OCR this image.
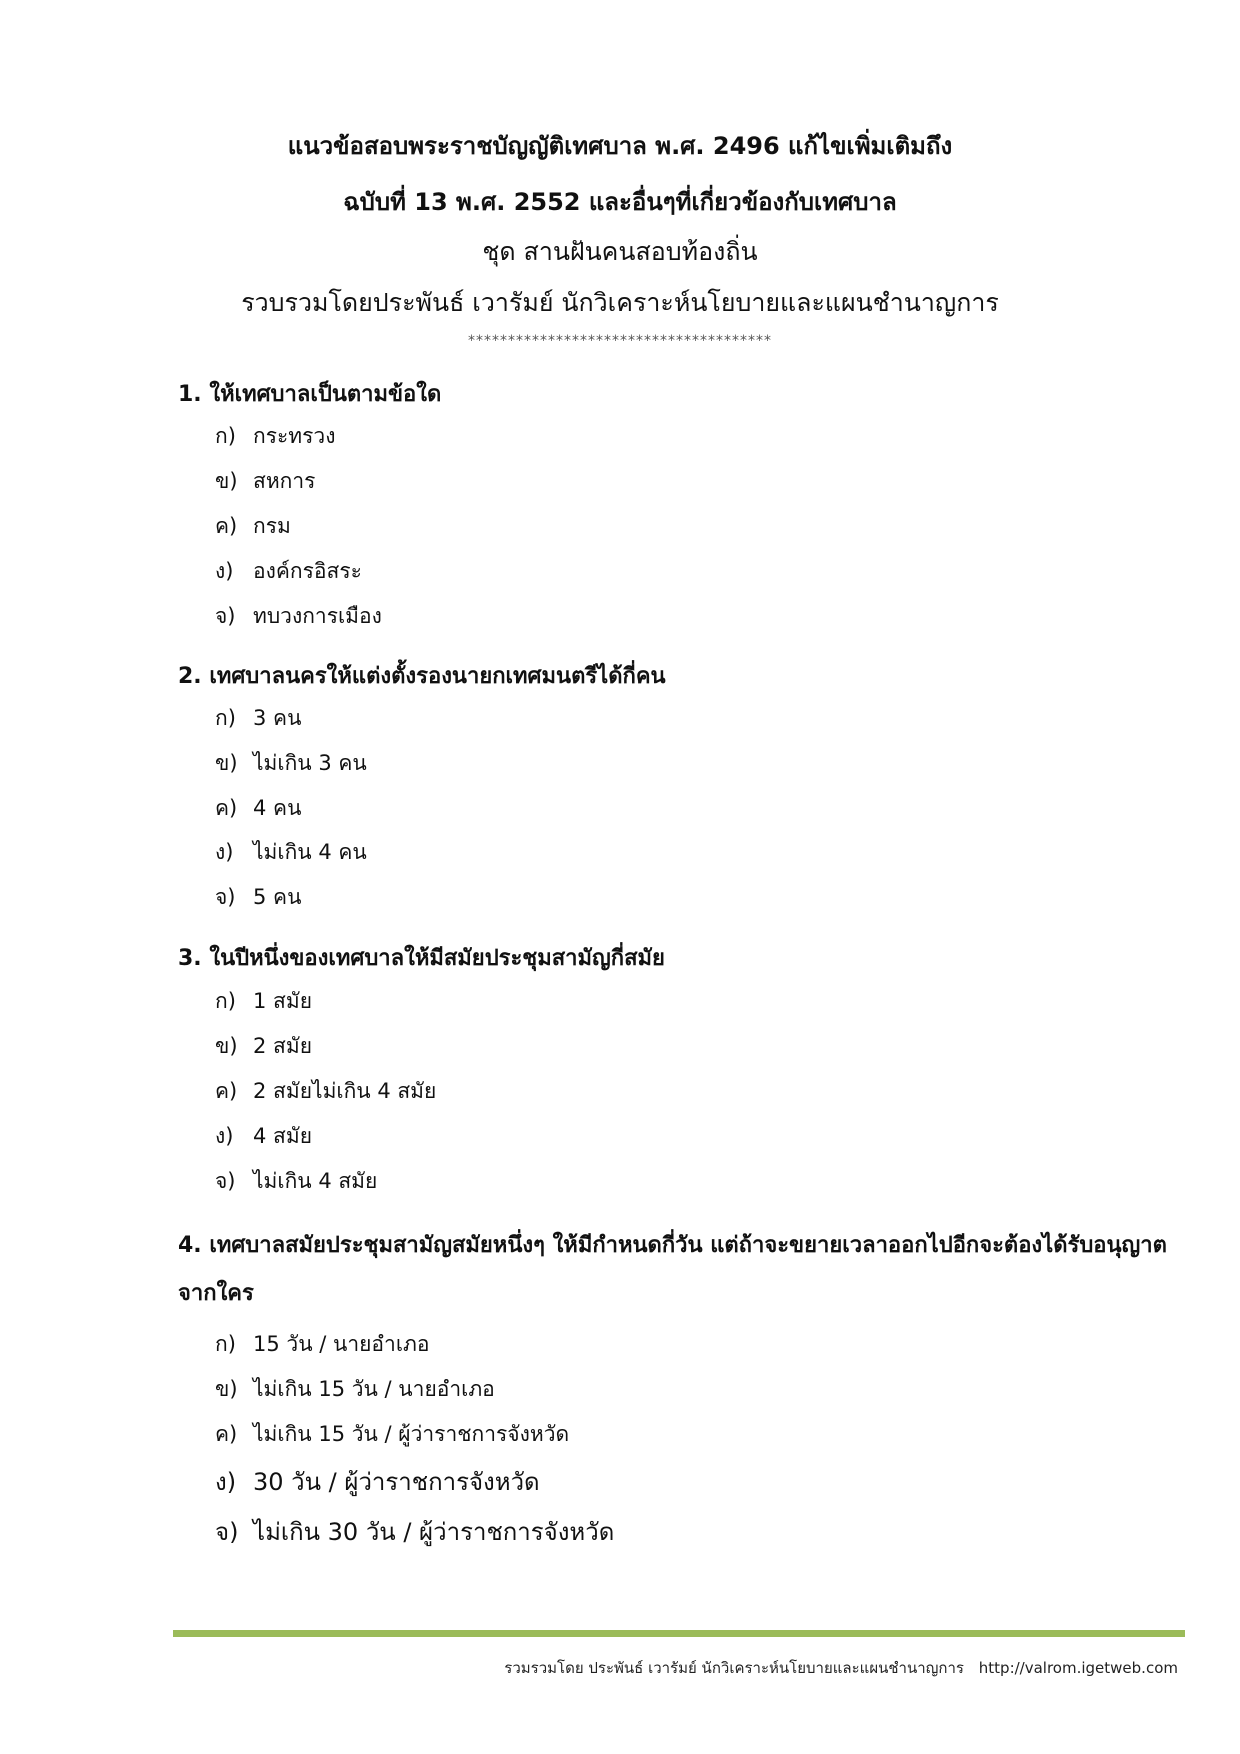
แนวข้อสอบพระราชบัญญัติเทศบาล พ.ศ. 2496 แก้ไขเพิ่มเติมถึง
ฉบับที่ 13 พ.ศ. 2552 และอื่นๆที่เกี่ยวข้องกับเทศบาล
ชุด สานฝันคนสอบท้องถิ่น
รวบรวมโดยประพันธ์ เวารัมย์ นักวิเคราะห์นโยบายและแผนชำนาญการ
**************************************
1. ให้เทศบาลเป็นตามข้อใด
ก) กระทรวง
ข) สหการ
ค) กรม
ง) องค์กรอิสระ
จ) ทบวงการเมือง
2. เทศบาลนครให้แต่งตั้งรองนายกเทศมนตรีได้กี่คน
ก) 3 คน
ข) ไม่เกิน 3 คน
ค) 4 คน
ง) ไม่เกิน 4 คน
จ) 5 คน
3. ในปีหนึ่งของเทศบาลให้มีสมัยประชุมสามัญกี่สมัย
ก) 1 สมัย
ข) 2 สมัย
ค) 2 สมัยไม่เกิน 4 สมัย
ง) 4 สมัย
จ) ไม่เกิน 4 สมัย
4. เทศบาลสมัยประชุมสามัญสมัยหนึ่งๆ ให้มีกำหนดกี่วัน แต่ถ้าจะขยายเวลาออกไปอีกจะต้องได้รับอนุญาตจากใคร
ก) 15 วัน / นายอำเภอ
ข) ไม่เกิน 15 วัน / นายอำเภอ
ค) ไม่เกิน 15 วัน / ผู้ว่าราชการจังหวัด
ง) 30 วัน / ผู้ว่าราชการจังหวัด
จ) ไม่เกิน 30 วัน / ผู้ว่าราชการจังหวัด
รวมรวมโดย ประพันธ์ เวารัมย์ นักวิเคราะห์นโยบายและแผนชำนาญการ http://valrom.igetweb.com
